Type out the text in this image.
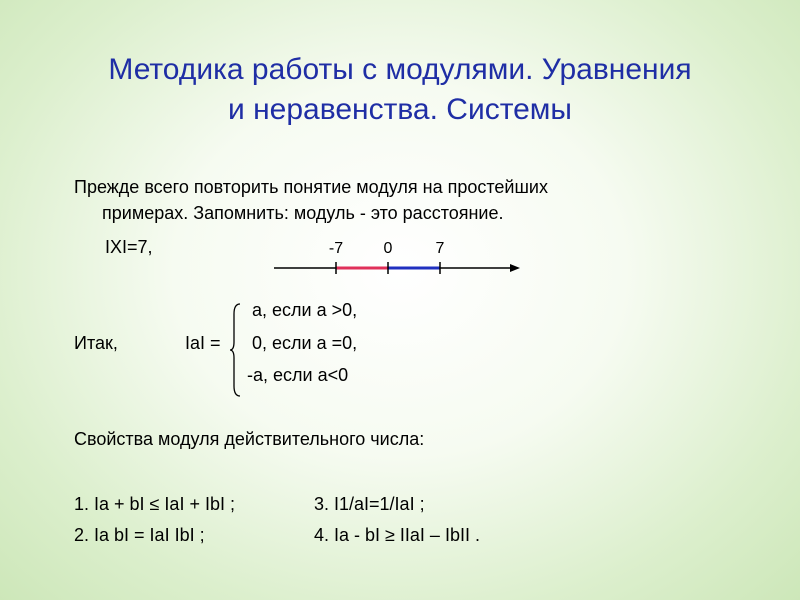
Методика работы с модулями. Уравнения
и неравенства. Системы
Прежде всего повторить понятие модуля на простейших
примерах. Запомнить: модуль - это расстояние.
IXI=7,	-7	0	7
Итак,	IaI =
a, если а >0,
0, если а =0,
-a, если а<0
Свойства модуля действительного числа:
1. Ia + bI ≤ IaI + IbI ;	3. I1/aI=1/IaI ;
2. Ia bI = IaI IbI ;	4. Ia - bI ≥ IIaI – IbII .
